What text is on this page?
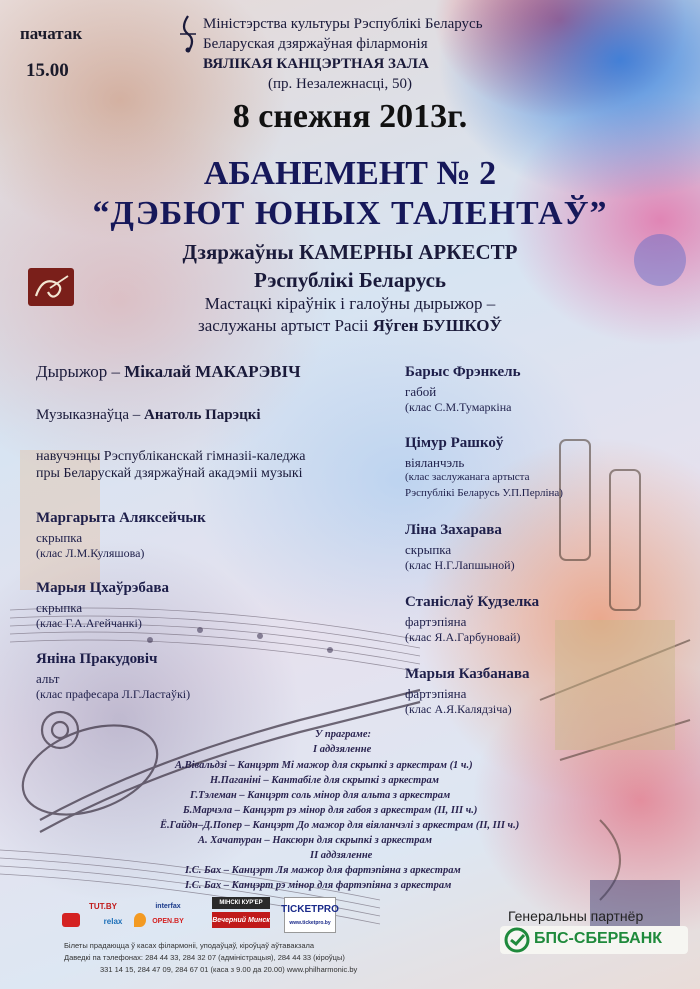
пачатак
15.00
Міністэрства культуры Рэспублікі Беларусь
Беларуская дзяржаўная філармонія
ВЯЛІКАЯ КАНЦЭРТНАЯ ЗАЛА
(пр. Незалежнасці, 50)
8 снежня 2013г.
АБАНЕМЕНТ № 2
“ДЭБЮТ ЮНЫХ ТАЛЕНТАЎ”
Дзяржаўны КАМЕРНЫ АРКЕСТР
Рэспублікі Беларусь
Мастацкі кіраўнік і галоўны дырыжор –
заслужаны артыст Расіі Яўген БУШКОЎ
Дырыжор – Мікалай МАКАРЭВІЧ
Музыказнаўца – Анатоль Парэцкі
навучэнцы Рэспубліканскай гімназіі-каледжа
пры Беларускай дзяржаўнай акадэміі музыкі
Маргарыта Аляксейчык
скрыпка
(клас Л.М.Куляшова)
Марыя Цхаўрэбава
скрыпка
(клас Г.А.Агейчанкі)
Яніна Пракудовіч
альт
(клас прафесара Л.Г.Ластаўкі)
Барыс Фрэнкель
габой
(клас С.М.Тумаркіна
Цімур Рашкоў
віяланчэль
(клас заслужанага артыста
Рэспублікі Беларусь У.П.Перліна)
Ліна Захарава
скрыпка
(клас Н.Г.Лапшыной)
Станіслаў Кудзелка
фартэпіяна
(клас Я.А.Гарбуновай)
Марыя Казбанава
фартэпіяна
(клас А.Я.Калядзіча)
У праграме:
І аддзяленне
А.Вівальдзі – Канцэрт Мі мажор для скрыпкі з аркестрам (1 ч.)
Н.Паганіні – Кантабіле для скрыпкі з аркестрам
Г.Тэлеман – Канцэрт соль мінор для альта з аркестрам
Б.Марчэла – Канцэрт рэ мінор для габоя з аркестрам (ІІ, ІІІ ч.)
Ё.Гайдн–Д.Попер – Канцэрт До мажор для віяланчэлі з аркестрам (ІІ, ІІІ ч.)
А. Хачатуран – Наксюрн для скрыпкі з аркестрам
ІІ аддзяленне
І.С. Бах – Канцэрт Ля мажор для фартэпіяна з аркестрам
І.С. Бах – Канцэрт рэ мінор для фартэпіяна з аркестрам
TUT.BY
relax
interfax
OPEN.BY
МІНСКІ КУР'ЕР
Вечерний Минск
TICKETPRO
www.ticketpro.by	Генеральны партнёр
БПС-СБЕРБАНК
Білеты прадаюцца ў касах філармоніі, уподаўцаў, кіроўцаў аўтавакзала
Даведкі па тэлефонах: 284 44 33, 284 32 07 (адміністрацыя), 284 44 33 (кіроўцы)
331 14 15, 284 47 09, 284 67 01 (каса з 9.00 да 20.00) www.philharmonic.by
